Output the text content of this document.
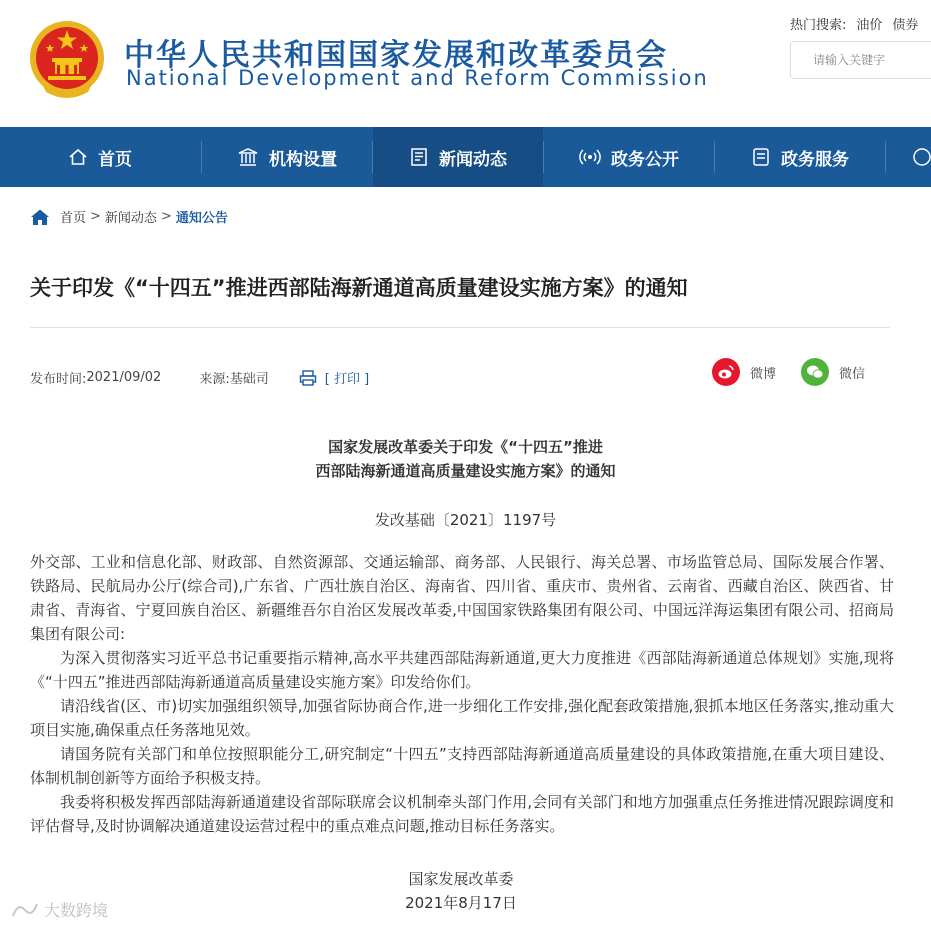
中华人民共和国国家发展和改革委员会
National Development and Reform Commission
热门搜索: 油价 债券
请输入关键字
首页	机构设置	新闻动态	政务公开	政务服务
首页 > 新闻动态 > 通知公告
关于印发《“十四五”推进西部陆海新通道高质量建设实施方案》的通知
发布时间: 2021/09/02	来源: 基础司	[ 打印 ]	微博	微信
国家发展改革委关于印发《“十四五”推进
西部陆海新通道高质量建设实施方案》的通知
发改基础〔2021〕1197号

外交部、工业和信息化部、财政部、自然资源部、交通运输部、商务部、人民银行、海关总署、市场监管总局、国际发展合作署、铁路局、民航局办公厅(综合司),广东省、广西壮族自治区、海南省、四川省、重庆市、贵州省、云南省、西藏自治区、陕西省、甘肃省、青海省、宁夏回族自治区、新疆维吾尔自治区发展改革委,中国国家铁路集团有限公司、中国远洋海运集团有限公司、招商局集团有限公司:

为深入贯彻落实习近平总书记重要指示精神,高水平共建西部陆海新通道,更大力度推进《西部陆海新通道总体规划》实施,现将《“十四五”推进西部陆海新通道高质量建设实施方案》印发给你们。

请沿线省(区、市)切实加强组织领导,加强省际协商合作,进一步细化工作安排,强化配套政策措施,狠抓本地区任务落实,推动重大项目实施,确保重点任务落地见效。

请国务院有关部门和单位按照职能分工,研究制定“十四五”支持西部陆海新通道高质量建设的具体政策措施,在重大项目建设、体制机制创新等方面给予积极支持。

我委将积极发挥西部陆海新通道建设省部际联席会议机制牵头部门作用,会同有关部门和地方加强重点任务推进情况跟踪调度和评估督导,及时协调解决通道建设运营过程中的重点难点问题,推动目标任务落实。

国家发展改革委
2021年8月17日
大数跨境
